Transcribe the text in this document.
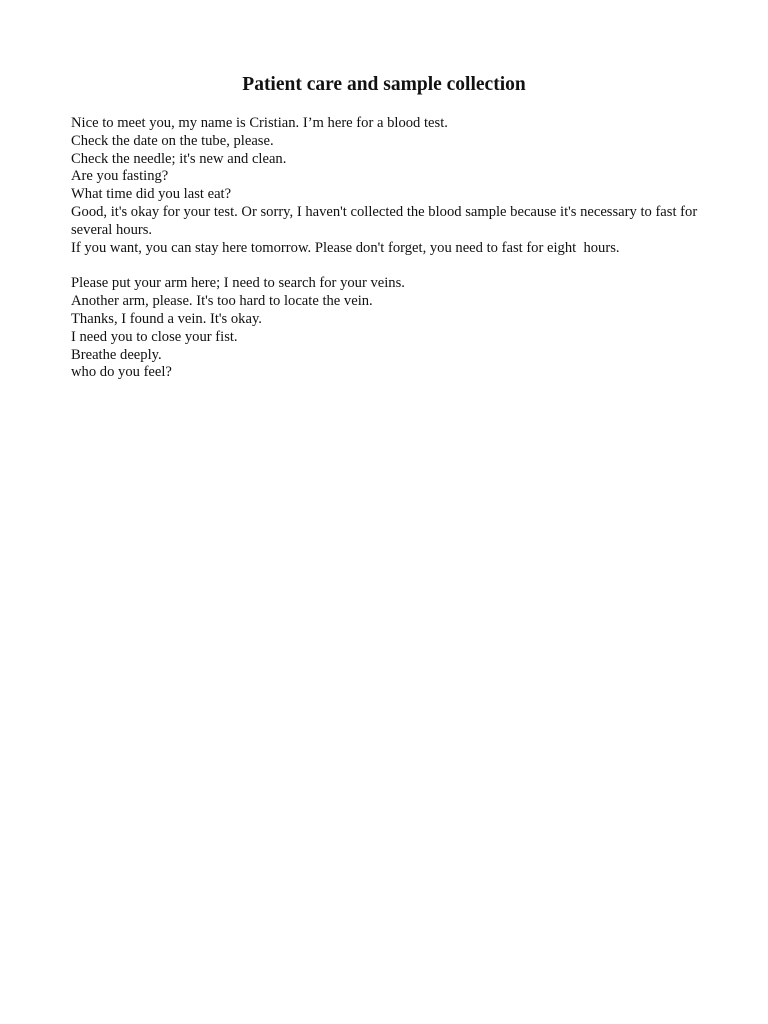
Patient care and sample collection

Nice to meet you, my name is Cristian. I’m here for a blood test.

Check the date on the tube, please.

Check the needle; it's new and clean.

Are you fasting?

What time did you last eat?

Good, it's okay for your test. Or sorry, I haven't collected the blood sample because it's necessary to fast for several hours.

If you want, you can stay here tomorrow. Please don't forget, you need to fast for eight  hours.

Please put your arm here; I need to search for your veins.

Another arm, please. It's too hard to locate the vein.

Thanks, I found a vein. It's okay.

I need you to close your fist.

Breathe deeply.

who do you feel?
